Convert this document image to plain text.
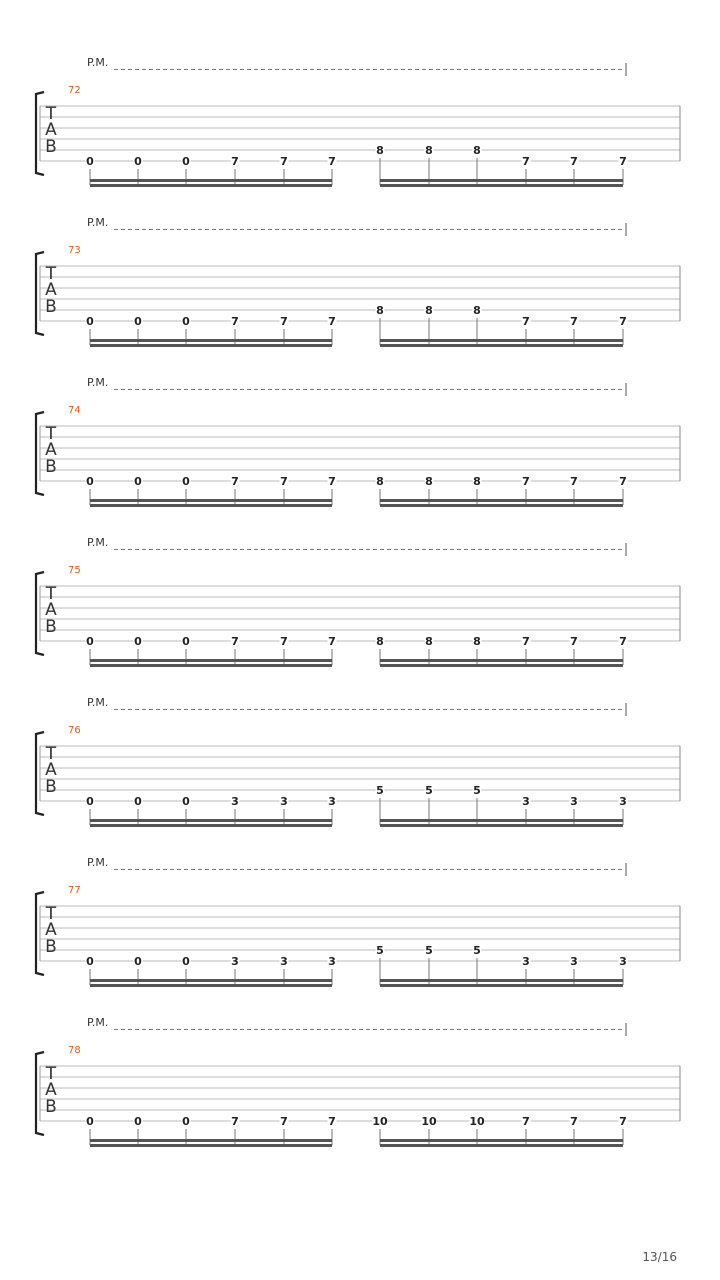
P.M.
72
T
A
B
0	0	0	7	7	7
8	8	8
7	7	7
P.M.
73
T
A
B
0	0	0	7	7	7
8	8	8
7	7	7
P.M.
74
T
A
B
0	0	0	7	7	7	8	8	8	7	7	7
P.M.
75
T
A
B
0	0	0	7	7	7	8	8	8	7	7	7
P.M.
76
T
A
B
0	0	0	3	3	3
5	5	5
3	3	3
P.M.
77
T
A
B
0	0	0	3	3	3
5	5	5
3	3	3
P.M.
78
T
A
B
0	0	0	7	7	7	10	10	10	7	7	7
13/16
